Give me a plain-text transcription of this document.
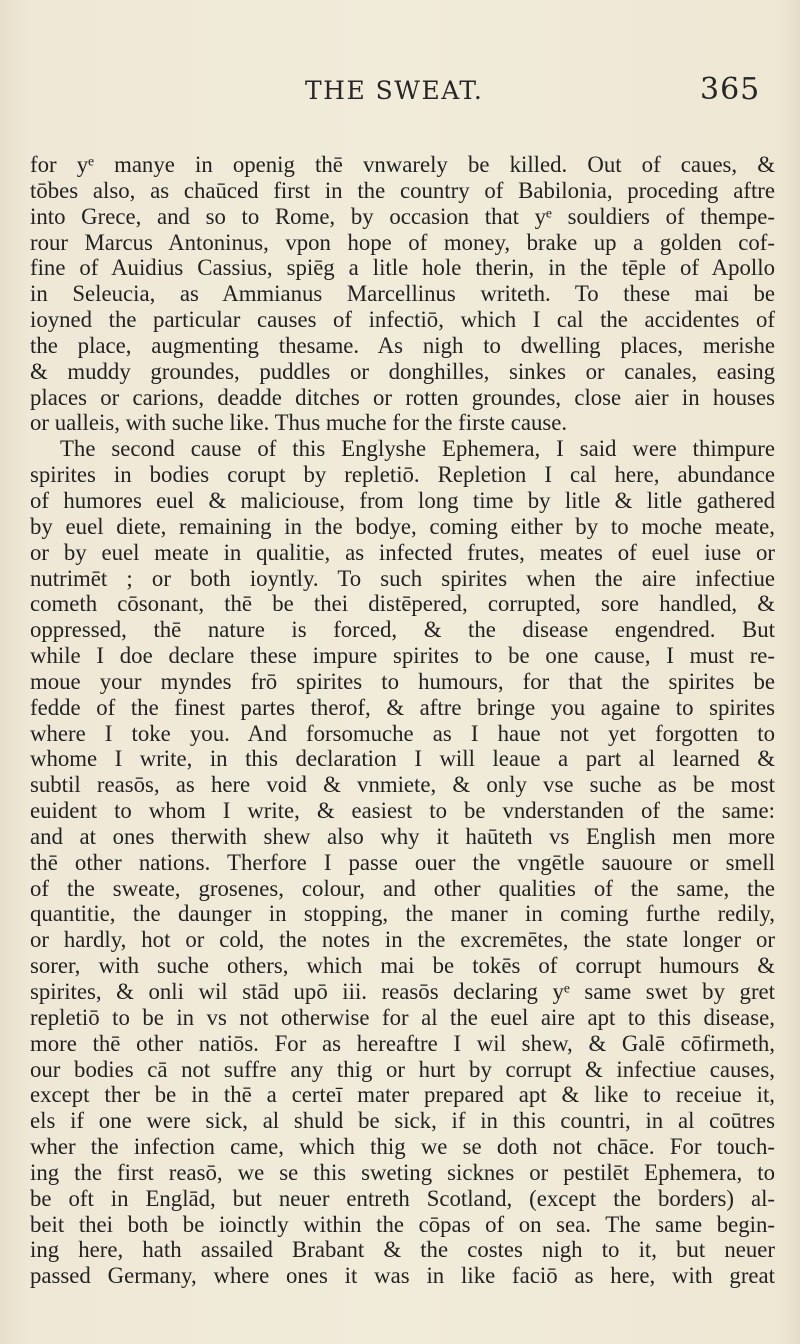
THE SWEAT.	365
for yᵉ manye in openig thē vnwarely be killed. Out of caues, &
tōbes also, as chaūced first in the country of Babilonia, proceding aftre
into Grece, and so to Rome, by occasion that yᵉ souldiers of thempe-
rour Marcus Antoninus, vpon hope of money, brake up a golden cof-
fine of Auidius Cassius, spiēg a litle hole therin, in the tēple of Apollo
in Seleucia, as Ammianus Marcellinus writeth. To these mai be
ioyned the particular causes of infectiō, which I cal the accidentes of
the place, augmenting thesame. As nigh to dwelling places, merishe
& muddy groundes, puddles or donghilles, sinkes or canales, easing
places or carions, deadde ditches or rotten groundes, close aier in houses
or ualleis, with suche like. Thus muche for the firste cause.
The second cause of this Englyshe Ephemera, I said were thimpure
spirites in bodies corupt by repletiō. Repletion I cal here, abundance
of humores euel & maliciouse, from long time by litle & litle gathered
by euel diete, remaining in the bodye, coming either by to moche meate,
or by euel meate in qualitie, as infected frutes, meates of euel iuse or
nutrimēt ; or both ioyntly. To such spirites when the aire infectiue
cometh cōsonant, thē be thei distēpered, corrupted, sore handled, &
oppressed, thē nature is forced, & the disease engendred. But
while I doe declare these impure spirites to be one cause, I must re-
moue your myndes frō spirites to humours, for that the spirites be
fedde of the finest partes therof, & aftre bringe you againe to spirites
where I toke you. And forsomuche as I haue not yet forgotten to
whome I write, in this declaration I will leaue a part al learned &
subtil reasōs, as here void & vnmiete, & only vse suche as be most
euident to whom I write, & easiest to be vnderstanden of the same:
and at ones therwith shew also why it haūteth vs English men more
thē other nations. Therfore I passe ouer the vngētle sauoure or smell
of the sweate, grosenes, colour, and other qualities of the same, the
quantitie, the daunger in stopping, the maner in coming furthe redily,
or hardly, hot or cold, the notes in the excremētes, the state longer or
sorer, with suche others, which mai be tokēs of corrupt humours &
spirites, & onli wil stād upō iii. reasōs declaring yᵉ same swet by gret
repletiō to be in vs not otherwise for al the euel aire apt to this disease,
more thē other natiōs. For as hereaftre I wil shew, & Galē cōfirmeth,
our bodies cā not suffre any thig or hurt by corrupt & infectiue causes,
except ther be in thē a certeī mater prepared apt & like to receiue it,
els if one were sick, al shuld be sick, if in this countri, in al coūtres
wher the infection came, which thig we se doth not chāce. For touch-
ing the first reasō, we se this sweting sicknes or pestilēt Ephemera, to
be oft in Englād, but neuer entreth Scotland, (except the borders) al-
beit thei both be ioinctly within the cōpas of on sea. The same begin-
ing here, hath assailed Brabant & the costes nigh to it, but neuer
passed Germany, where ones it was in like faciō as here, with great
